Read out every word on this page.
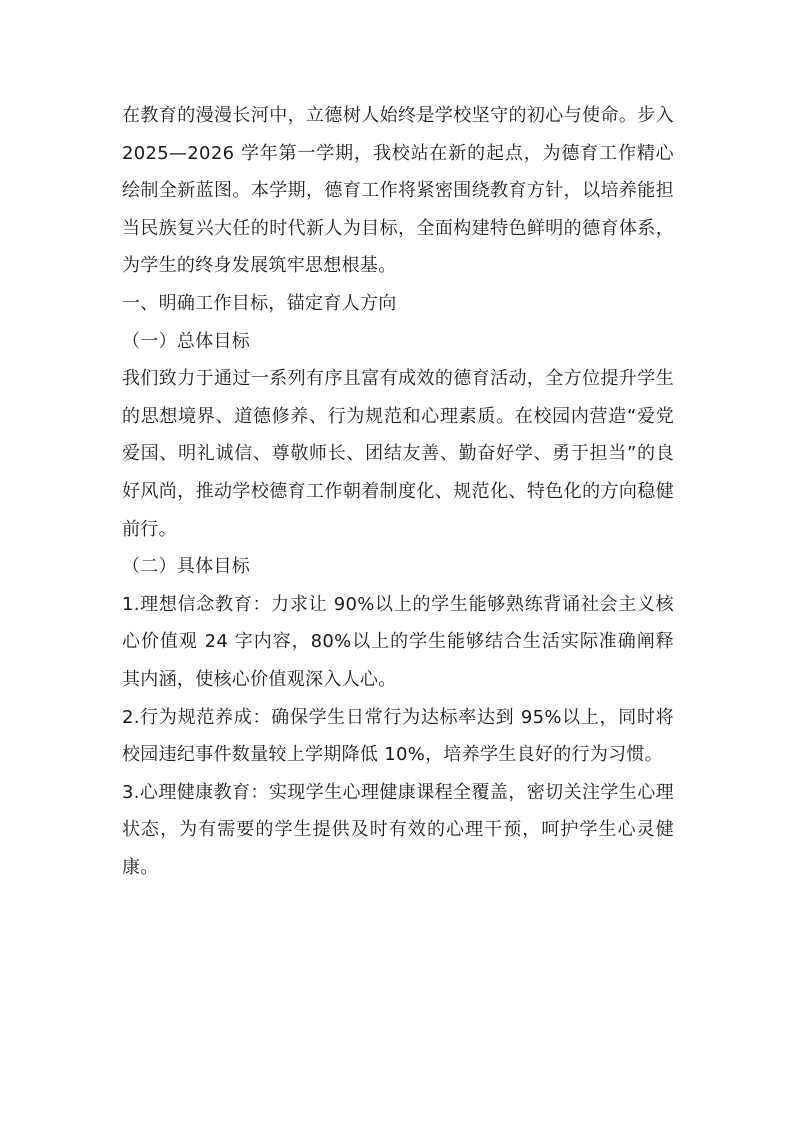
在教育的漫漫长河中，立德树人始终是学校坚守的初心与使命。步入 2025—2026 学年第一学期，我校站在新的起点，为德育工作精心绘制全新蓝图。本学期，德育工作将紧密围绕教育方针，以培养能担当民族复兴大任的时代新人为目标，全面构建特色鲜明的德育体系，为学生的终身发展筑牢思想根基。

一、明确工作目标，锚定育人方向

（一）总体目标

我们致力于通过一系列有序且富有成效的德育活动，全方位提升学生的思想境界、道德修养、行为规范和心理素质。在校园内营造“爱党爱国、明礼诚信、尊敬师长、团结友善、勤奋好学、勇于担当”的良好风尚，推动学校德育工作朝着制度化、规范化、特色化的方向稳健前行。

（二）具体目标

1.理想信念教育：力求让 90%以上的学生能够熟练背诵社会主义核心价值观 24 字内容，80%以上的学生能够结合生活实际准确阐释其内涵，使核心价值观深入人心。

2.行为规范养成：确保学生日常行为达标率达到 95%以上，同时将校园违纪事件数量较上学期降低 10%，培养学生良好的行为习惯。

3.心理健康教育：实现学生心理健康课程全覆盖，密切关注学生心理状态，为有需要的学生提供及时有效的心理干预，呵护学生心灵健康。
